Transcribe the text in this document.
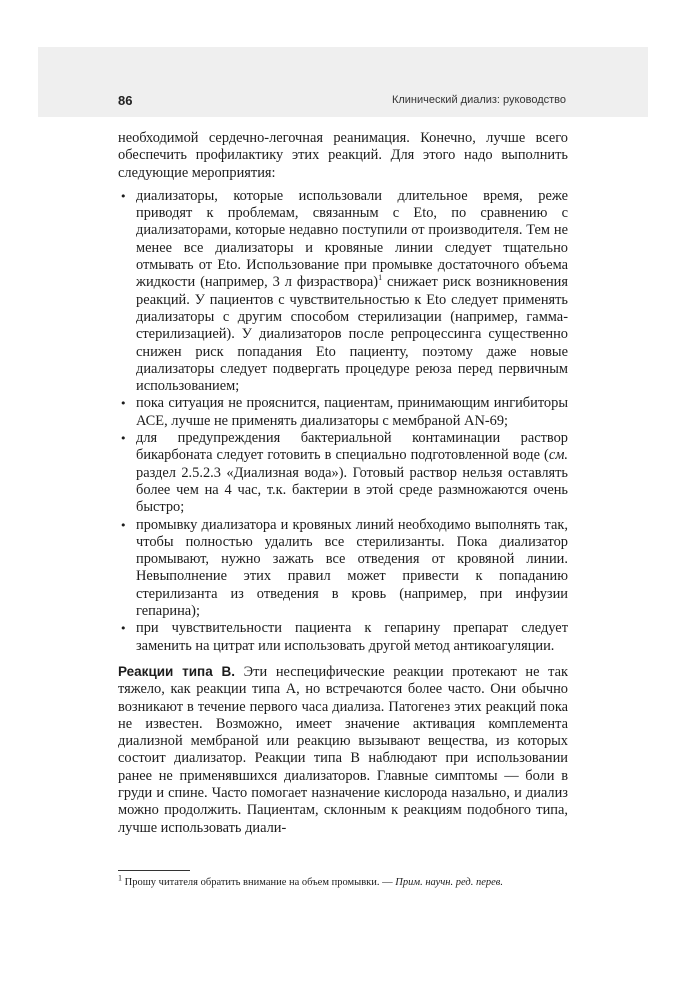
86	Клинический диализ: руководство

необходимой сердечно-легочная реанимация. Конечно, лучше всего обеспечить профилактику этих реакций. Для этого надо выполнить следующие мероприятия:

• диализаторы, которые использовали длительное время, реже приводят к проблемам, связанным с Eto, по сравнению с диализаторами, которые недавно поступили от производителя. Тем не менее все диализаторы и кровяные линии следует тщательно отмывать от Eto. Использование при промывке достаточного объема жидкости (например, 3 л физраствора)$^1$ снижает риск возникновения реакций. У пациентов с чувствительностью к Eto следует применять диализаторы с другим способом стерилизации (например, гамма-стерилизацией). У диализаторов после репроцессинга существенно снижен риск попадания Eto пациенту, поэтому даже новые диализаторы следует подвергать процедуре реюза перед первичным использованием;
• пока ситуация не прояснится, пациентам, принимающим ингибиторы АСЕ, лучше не применять диализаторы с мембраной AN-69;
• для предупреждения бактериальной контаминации раствор бикарбоната следует готовить в специально подготовленной воде (см. раздел 2.5.2.3 «Диализная вода»). Готовый раствор нельзя оставлять более чем на 4 час, т.к. бактерии в этой среде размножаются очень быстро;
• промывку диализатора и кровяных линий необходимо выполнять так, чтобы полностью удалить все стерилизанты. Пока диализатор промывают, нужно зажать все отведения от кровяной линии. Невыполнение этих правил может привести к попаданию стерилизанта из отведения в кровь (например, при инфузии гепарина);
• при чувствительности пациента к гепарину препарат следует заменить на цитрат или использовать другой метод антикоагуляции.

Реакции типа В. Эти неспецифические реакции протекают не так тяжело, как реакции типа А, но встречаются более часто. Они обычно возникают в течение первого часа диализа. Патогенез этих реакций пока не известен. Возможно, имеет значение активация комплемента диализной мембраной или реакцию вызывают вещества, из которых состоит диализатор. Реакции типа В наблюдают при использовании ранее не применявшихся диализаторов. Главные симптомы — боли в груди и спине. Часто помогает назначение кислорода назально, и диализ можно продолжить. Пациентам, склонным к реакциям подобного типа, лучше использовать диали-

$^1$ Прошу читателя обратить внимание на объем промывки. — Прим. научн. ред. перев.
